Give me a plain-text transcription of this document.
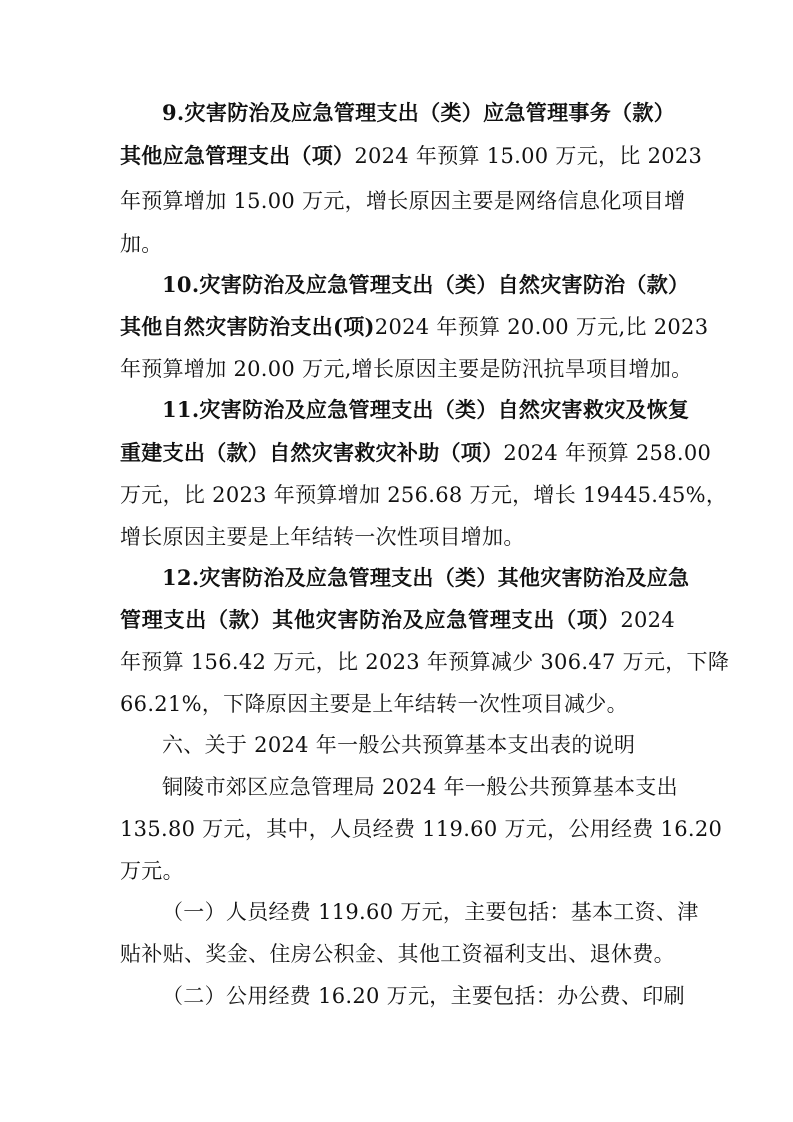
9.灾害防治及应急管理支出（类）应急管理事务（款）
其他应急管理支出（项）2024 年预算 15.00 万元，比 2023
年预算增加 15.00 万元，增长原因主要是网络信息化项目增
加。
10.灾害防治及应急管理支出（类）自然灾害防治（款）
其他自然灾害防治支出(项)2024 年预算 20.00 万元,比 2023
年预算增加 20.00 万元,增长原因主要是防汛抗旱项目增加。
11.灾害防治及应急管理支出（类）自然灾害救灾及恢复
重建支出（款）自然灾害救灾补助（项）2024 年预算 258.00
万元，比 2023 年预算增加 256.68 万元，增长 19445.45%，
增长原因主要是上年结转一次性项目增加。
12.灾害防治及应急管理支出（类）其他灾害防治及应急
管理支出（款）其他灾害防治及应急管理支出（项）2024
年预算 156.42 万元，比 2023 年预算减少 306.47 万元，下降
66.21%，下降原因主要是上年结转一次性项目减少。
六、关于 2024 年一般公共预算基本支出表的说明
铜陵市郊区应急管理局 2024 年一般公共预算基本支出
135.80 万元，其中，人员经费 119.60 万元，公用经费 16.20
万元。
（一）人员经费 119.60 万元，主要包括：基本工资、津
贴补贴、奖金、住房公积金、其他工资福利支出、退休费。
（二）公用经费 16.20 万元，主要包括：办公费、印刷
